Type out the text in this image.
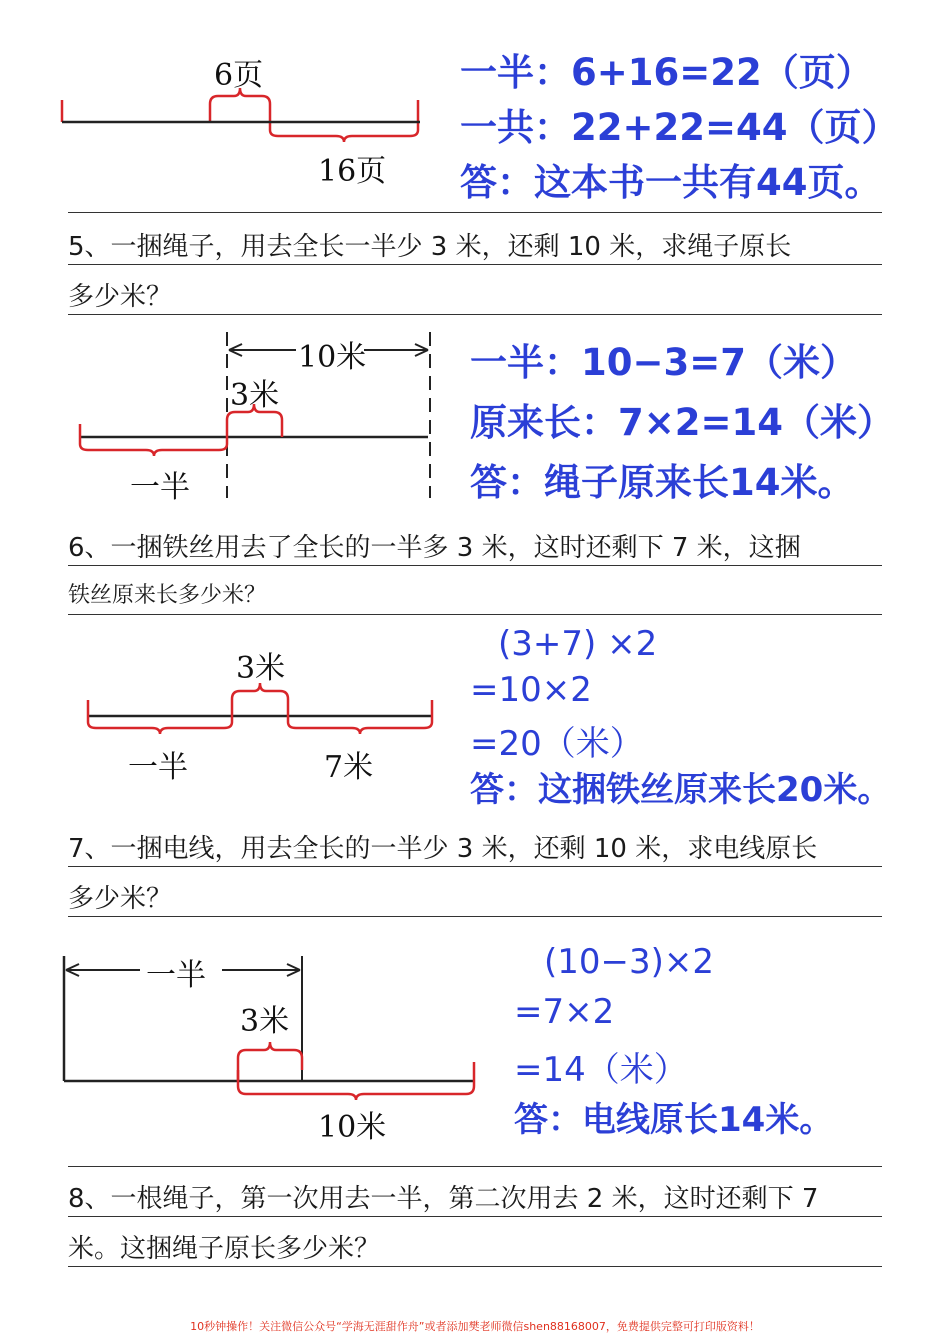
6页
16页
一半：6+16=22（页）
一共：22+22=44（页）
答：这本书一共有44页。
5、一捆绳子，用去全长一半少 3 米，还剩 10 米，求绳子原长
多少米？
10米
3米
一半
一半：10−3=7（米）
原来长：7×2=14（米）
答：绳子原来长14米。
6、一捆铁丝用去了全长的一半多 3 米，这时还剩下 7 米，这捆
铁丝原来长多少米？
3米
一半	7米
(3+7) ×2
=10×2
=20（米）
答：这捆铁丝原来长20米。
7、一捆电线，用去全长的一半少 3 米，还剩 10 米，求电线原长
多少米？
一半
3米
10米
(10−3)×2
=7×2
=14（米）
答：电线原长14米。
8、一根绳子，第一次用去一半，第二次用去 2 米，这时还剩下 7
米。这捆绳子原长多少米？
10秒钟操作！关注微信公众号“学海无涯甜作舟”或者添加樊老师微信shen88168007，免费提供完整可打印版资料！
